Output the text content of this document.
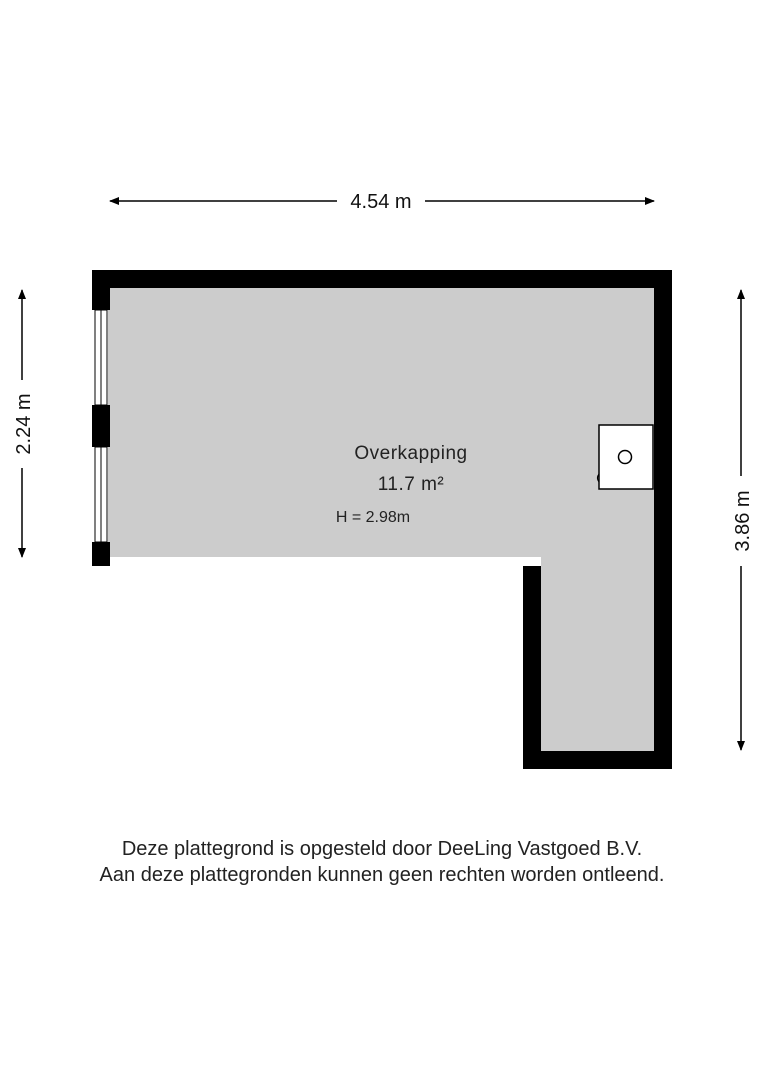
4.54 m
2.24 m
3.86 m
Overkapping
11.7 m²
H = 2.98m
Deze plattegrond is opgesteld door DeeLing Vastgoed B.V.
Aan deze plattegronden kunnen geen rechten worden ontleend.
